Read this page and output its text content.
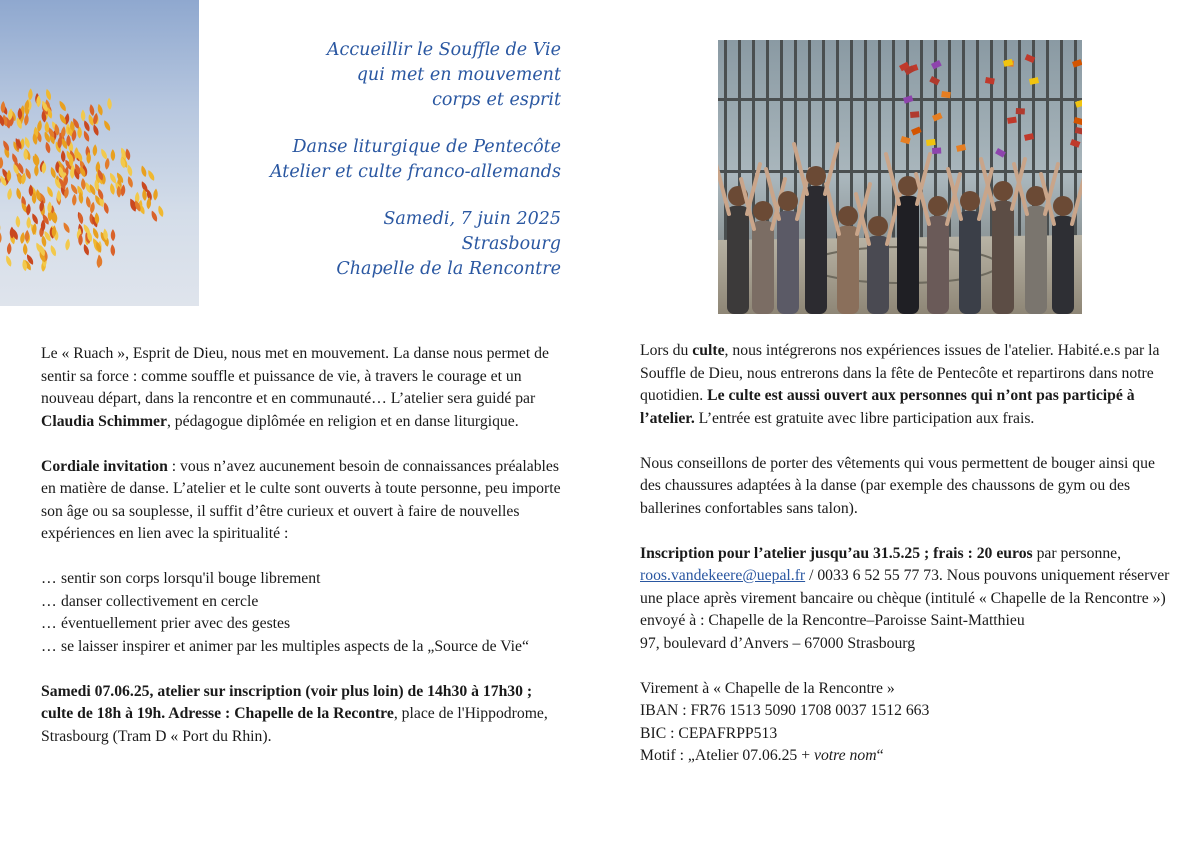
Accueillir le Souffle de Vie
qui met en mouvement
corps et esprit
Danse liturgique de Pentecôte
Atelier et culte franco-allemands
Samedi, 7 juin 2025
Strasbourg
Chapelle de la Rencontre

Le « Ruach », Esprit de Dieu, nous met en mouvement. La danse nous permet de sentir sa force : comme souffle et puissance de vie, à travers le courage et un nouveau départ, dans la rencontre et en communauté… L’atelier sera guidé par Claudia Schimmer, pédagogue diplômée en religion et en danse liturgique.

Cordiale invitation : vous n’avez aucunement besoin de connaissances préalables en matière de danse. L’atelier et le culte sont ouverts à toute personne, peu importe son âge ou sa souplesse, il suffit d’être curieux et ouvert à faire de nouvelles expériences en lien avec la spiritualité :

… sentir son corps lorsqu'il bouge librement
… danser collectivement en cercle
… éventuellement prier avec des gestes
… se laisser inspirer et animer par les multiples aspects de la „Source de Vie“

Samedi 07.06.25, atelier sur inscription (voir plus loin) de 14h30 à 17h30 ; culte de 18h à 19h. Adresse : Chapelle de la Recontre, place de l'Hippodrome, Strasbourg (Tram D « Port du Rhin).

Lors du culte, nous intégrerons nos expériences issues de l'atelier. Habité.e.s par la Souffle de Dieu, nous entrerons dans la fête de Pentecôte et repartirons dans notre quotidien. Le culte est aussi ouvert aux personnes qui n’ont pas participé à l’atelier. L’entrée est gratuite avec libre participation aux frais.

Nous conseillons de porter des vêtements qui vous permettent de bouger ainsi que des chaussures adaptées à la danse (par exemple des chaussons de gym ou des ballerines confortables sans talon).

Inscription pour l’atelier jusqu’au 31.5.25 ; frais : 20 euros par personne, roos.vandekeere@uepal.fr / 0033 6 52 55 77 73. Nous pouvons uniquement réserver une place après virement bancaire ou chèque (intitulé « Chapelle de la Rencontre ») envoyé à : Chapelle de la Rencontre–Paroisse Saint-Matthieu
97, boulevard d’Anvers – 67000 Strasbourg

Virement à « Chapelle de la Rencontre »
IBAN : FR76 1513 5090 1708 0037 1512 663
BIC : CEPAFRPP513
Motif : „Atelier 07.06.25 + votre nom“
